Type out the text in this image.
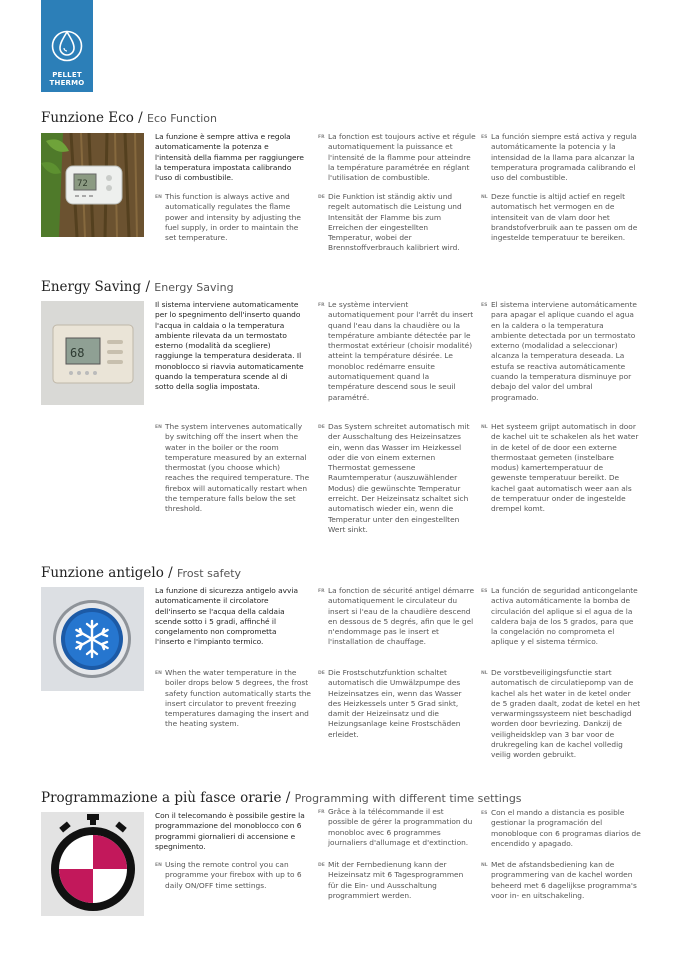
PELLET
THERMO
Funzione Eco / Eco Function
72
La funzione è sempre attiva e regola automaticamente la potenza e l'intensità della fiamma per raggiungere la temperatura impostata calibrando l'uso di combustibile.
EN This function is always active and automatically regulates the flame power and intensity by adjusting the fuel supply, in order to maintain the set temperature.
FR La fonction est toujours active et régule automatiquement la puissance et l'intensité de la flamme pour atteindre la température paramétrée en réglant l'utilisation de combustible.
DE Die Funktion ist ständig aktiv und regelt automatisch die Leistung und Intensität der Flamme bis zum Erreichen der eingestellten Temperatur, wobei der Brennstoffverbrauch kalibriert wird.
ES La función siempre está activa y regula automáticamente la potencia y la intensidad de la llama para alcanzar la temperatura programada calibrando el uso del combustible.
NL Deze functie is altijd actief en regelt automatisch het vermogen en de intensiteit van de vlam door het brandstofverbruik aan te passen om de ingestelde temperatuur te bereiken.
Energy Saving / Energy Saving
68
Il sistema interviene automaticamente per lo spegnimento dell'inserto quando l'acqua in caldaia o la temperatura ambiente rilevata da un termostato esterno (modalità da scegliere) raggiunge la temperatura desiderata. Il monoblocco si riavvia automaticamente quando la temperatura scende al di sotto della soglia impostata.
EN The system intervenes automatically by switching off the insert when the water in the boiler or the room temperature measured by an external thermostat (you choose which) reaches the required temperature. The firebox will automatically restart when the temperature falls below the set threshold.
FR Le système intervient automatiquement pour l'arrêt du insert quand l'eau dans la chaudière ou la température ambiante détectée par le thermostat extérieur (choisir modalité) atteint la température désirée. Le monobloc redémarre ensuite automatiquement quand la température descend sous le seuil paramétré.
DE Das System schreitet automatisch mit der Ausschaltung des Heizeinsatzes ein, wenn das Wasser im Heizkessel oder die von einem externen Thermostat gemessene Raumtemperatur (auszuwählender Modus) die gewünschte Temperatur erreicht. Der Heizeinsatz schaltet sich automatisch wieder ein, wenn die Temperatur unter den eingestellten Wert sinkt.
ES El sistema interviene automáticamente para apagar el aplique cuando el agua en la caldera o la temperatura ambiente detectada por un termostato externo (modalidad a seleccionar) alcanza la temperatura deseada. La estufa se reactiva automáticamente cuando la temperatura disminuye por debajo del valor del umbral programado.
NL Het systeem grijpt automatisch in door de kachel uit te schakelen als het water in de ketel of de door een externe thermostaat gemeten (instelbare modus) kamertemperatuur de gewenste temperatuur bereikt. De kachel gaat automatisch weer aan als de temperatuur onder de ingestelde drempel komt.
Funzione antigelo / Frost safety
La funzione di sicurezza antigelo avvia automaticamente il circolatore dell'inserto se l'acqua della caldaia scende sotto i 5 gradi, affinché il congelamento non comprometta l'inserto e l'impianto termico.
EN When the water temperature in the boiler drops below 5 degrees, the frost safety function automatically starts the insert circulator to prevent freezing temperatures damaging the insert and the heating system.
FR La fonction de sécurité antigel démarre automatiquement le circulateur du insert si l'eau de la chaudière descend en dessous de 5 degrés, afin que le gel n'endommage pas le insert et l'installation de chauffage.
DE Die Frostschutzfunktion schaltet automatisch die Umwälzpumpe des Heizeinsatzes ein, wenn das Wasser des Heizkessels unter 5 Grad sinkt, damit der Heizeinsatz und die Heizungsanlage keine Frostschäden erleidet.
ES La función de seguridad anticongelante activa automáticamente la bomba de circulación del aplique si el agua de la caldera baja de los 5 grados, para que la congelación no comprometa el aplique y el sistema térmico.
NL De vorstbeveiligingsfunctie start automatisch de circulatiepomp van de kachel als het water in de ketel onder de 5 graden daalt, zodat de ketel en het verwarmingssysteem niet beschadigd worden door bevriezing. Dankzij de veiligheidsklep van 3 bar voor de drukregeling kan de kachel volledig veilig worden gebruikt.
Programmazione a più fasce orarie / Programming with different time settings
Con il telecomando è possibile gestire la programmazione del monoblocco con 6 programmi giornalieri di accensione e spegnimento.
EN Using the remote control you can programme your firebox with up to 6 daily ON/OFF time settings.
FR Grâce à la télécommande il est possible de gérer la programmation du monobloc avec 6 programmes journaliers d'allumage et d'extinction.
DE Mit der Fernbedienung kann der Heizeinsatz mit 6 Tagesprogrammen für die Ein- und Ausschaltung programmiert werden.
ES Con el mando a distancia es posible gestionar la programación del monobloque con 6 programas diarios de encendido y apagado.
NL Met de afstandsbediening kan de programmering van de kachel worden beheerd met 6 dagelijkse programma's voor in- en uitschakeling.
